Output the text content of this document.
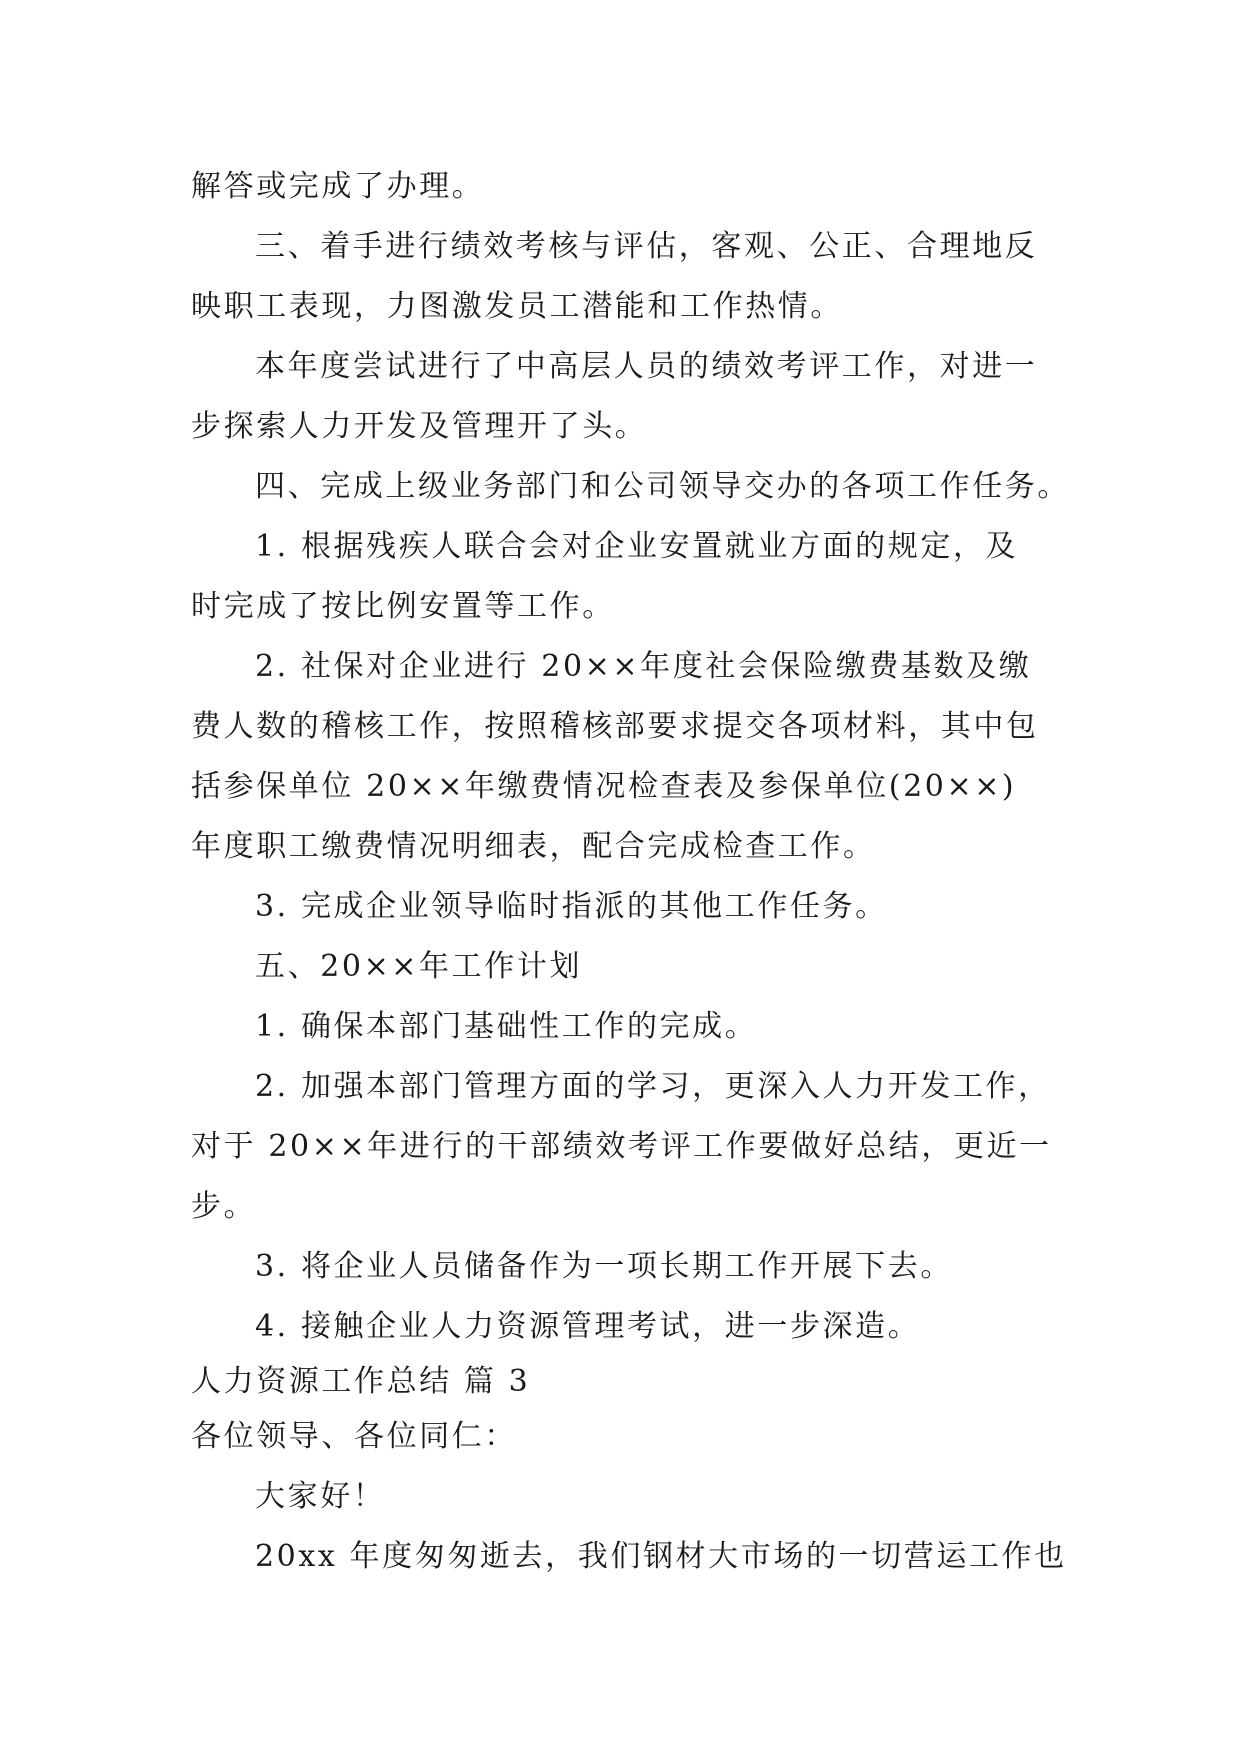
解答或完成了办理。
三、着手进行绩效考核与评估，客观、公正、合理地反
映职工表现，力图激发员工潜能和工作热情。
本年度尝试进行了中高层人员的绩效考评工作，对进一
步探索人力开发及管理开了头。
四、完成上级业务部门和公司领导交办的各项工作任务。
1. 根据残疾人联合会对企业安置就业方面的规定，及
时完成了按比例安置等工作。
2. 社保对企业进行 20××年度社会保险缴费基数及缴
费人数的稽核工作，按照稽核部要求提交各项材料，其中包
括参保单位 20××年缴费情况检查表及参保单位(20××)
年度职工缴费情况明细表，配合完成检查工作。
3. 完成企业领导临时指派的其他工作任务。
五、20××年工作计划
1. 确保本部门基础性工作的完成。
2. 加强本部门管理方面的学习，更深入人力开发工作，
对于 20××年进行的干部绩效考评工作要做好总结，更近一
步。
3. 将企业人员储备作为一项长期工作开展下去。
4. 接触企业人力资源管理考试，进一步深造。
人力资源工作总结 篇 3
各位领导、各位同仁：
大家好！
20xx 年度匆匆逝去，我们钢材大市场的一切营运工作也
